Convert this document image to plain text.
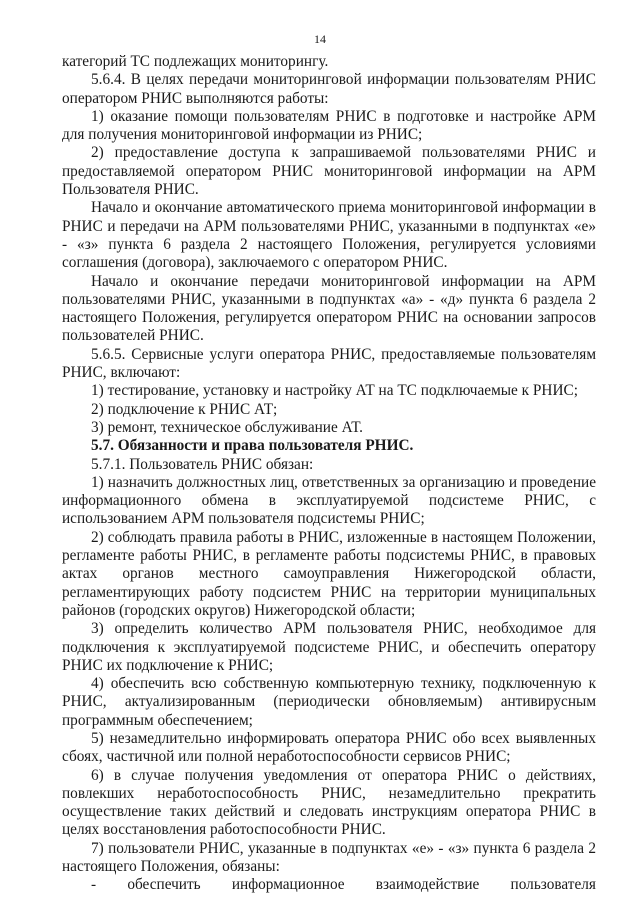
14

категорий ТС подлежащих мониторингу.

5.6.4. В целях передачи мониторинговой информации пользователям РНИС оператором РНИС выполняются работы:

1) оказание помощи пользователям РНИС в подготовке и настройке АРМ для получения мониторинговой информации из РНИС;

2) предоставление доступа к запрашиваемой пользователями РНИС и предоставляемой оператором РНИС мониторинговой информации на АРМ Пользователя РНИС.

Начало и окончание автоматического приема мониторинговой информации в РНИС и передачи на АРМ пользователями РНИС, указанными в подпунктах «е» - «з» пункта 6 раздела 2 настоящего Положения, регулируется условиями соглашения (договора), заключаемого с оператором РНИС.

Начало и окончание передачи мониторинговой информации на АРМ пользователями РНИС, указанными в подпунктах «а» - «д» пункта 6 раздела 2 настоящего Положения, регулируется оператором РНИС на основании запросов пользователей РНИС.

5.6.5. Сервисные услуги оператора РНИС, предоставляемые пользователям РНИС, включают:

1) тестирование, установку и настройку АТ на ТС подключаемые к РНИС;

2) подключение к РНИС АТ;

3) ремонт, техническое обслуживание АТ.

5.7. Обязанности и права пользователя РНИС.

5.7.1. Пользователь РНИС обязан:

1) назначить должностных лиц, ответственных за организацию и проведение информационного обмена в эксплуатируемой подсистеме РНИС, с использованием АРМ пользователя подсистемы РНИС;

2) соблюдать правила работы в РНИС, изложенные в настоящем Положении, регламенте работы РНИС, в регламенте работы подсистемы РНИС, в правовых актах органов местного самоуправления Нижегородской области, регламентирующих работу подсистем РНИС на территории муниципальных районов (городских округов) Нижегородской области;

3) определить количество АРМ пользователя РНИС, необходимое для подключения к эксплуатируемой подсистеме РНИС, и обеспечить оператору РНИС их подключение к РНИС;

4) обеспечить всю собственную компьютерную технику, подключенную к РНИС, актуализированным (периодически обновляемым) антивирусным программным обеспечением;

5) незамедлительно информировать оператора РНИС обо всех выявленных сбоях, частичной или полной неработоспособности сервисов РНИС;

6) в случае получения уведомления от оператора РНИС о действиях, повлекших неработоспособность РНИС, незамедлительно прекратить осуществление таких действий и следовать инструкциям оператора РНИС в целях восстановления работоспособности РНИС.

7) пользователи РНИС, указанные в подпунктах «е» - «з» пункта 6 раздела 2 настоящего Положения, обязаны:

- обеспечить информационное взаимодействие пользователя
